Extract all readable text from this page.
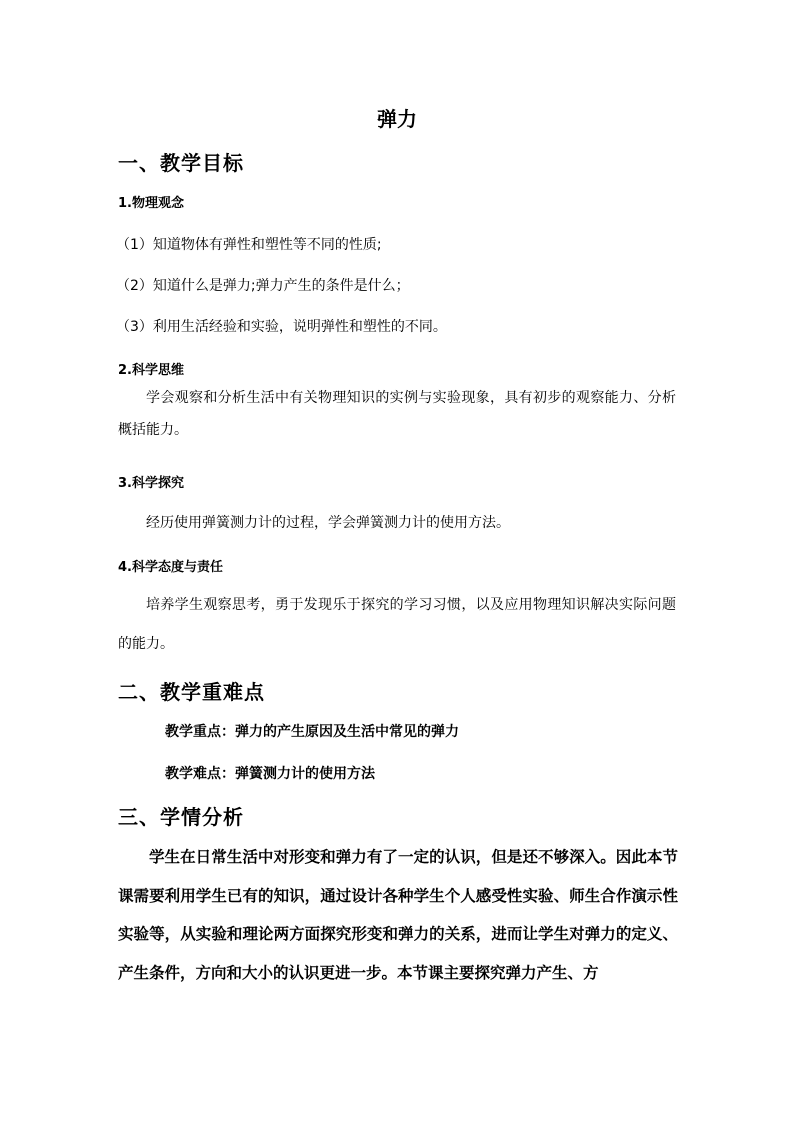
弹力
一、教学目标
1.物理观念
（1）知道物体有弹性和塑性等不同的性质;
（2）知道什么是弹力;弹力产生的条件是什么；
（3）利用生活经验和实验，说明弹性和塑性的不同。
2.科学思维
学会观察和分析生活中有关物理知识的实例与实验现象，具有初步的观察能力、分析概括能力。
3.科学探究
经历使用弹簧测力计的过程，学会弹簧测力计的使用方法。
4.科学态度与责任
培养学生观察思考，勇于发现乐于探究的学习习惯，以及应用物理知识解决实际问题的能力。
二、教学重难点
教学重点：弹力的产生原因及生活中常见的弹力
教学难点：弹簧测力计的使用方法
三、学情分析
学生在日常生活中对形变和弹力有了一定的认识，但是还不够深入。因此本节课需要利用学生已有的知识，通过设计各种学生个人感受性实验、师生合作演示性实验等，从实验和理论两方面探究形变和弹力的关系，进而让学生对弹力的定义、产生条件，方向和大小的认识更进一步。本节课主要探究弹力产生、方
